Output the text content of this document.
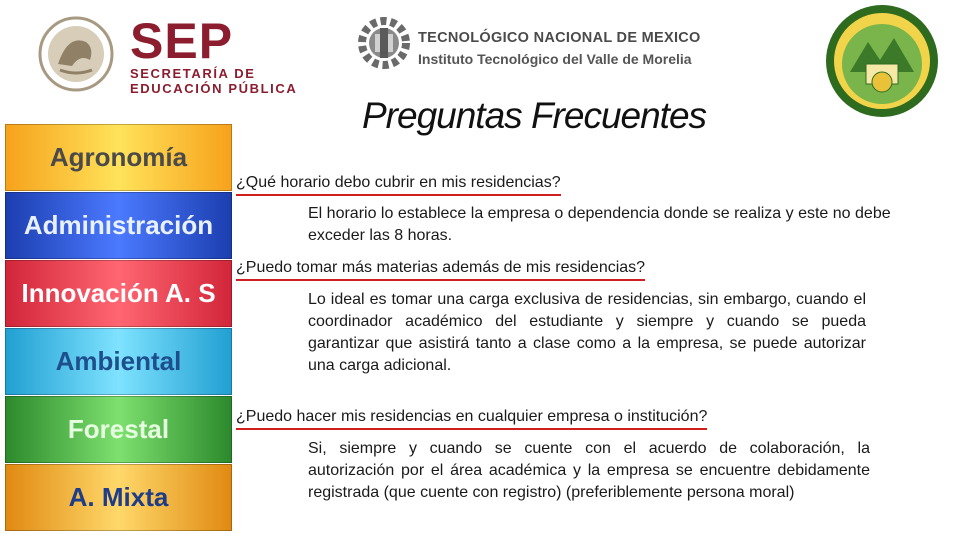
SEP
SECRETARÍA DE
EDUCACIÓN PÚBLICA
TECNOLÓGICO NACIONAL DE MEXICO
Instituto Tecnológico del Valle de Morelia
Preguntas Frecuentes
Agronomía
Administración
Innovación A. S
Ambiental
Forestal
A. Mixta
¿Qué horario debo cubrir en mis residencias?
El horario lo establece la empresa o dependencia donde se realiza y este no debe exceder las 8 horas.
¿Puedo tomar más materias además de mis residencias?
Lo ideal es tomar una carga exclusiva de residencias, sin embargo, cuando el coordinador académico del estudiante y siempre y cuando se pueda garantizar que asistirá tanto a clase como a la empresa, se puede autorizar una carga adicional.
¿Puedo hacer mis residencias en cualquier empresa o institución?
Si, siempre y cuando se cuente con el acuerdo de colaboración, la autorización por el área académica y la empresa se encuentre debidamente registrada (que cuente con registro) (preferiblemente persona moral)
